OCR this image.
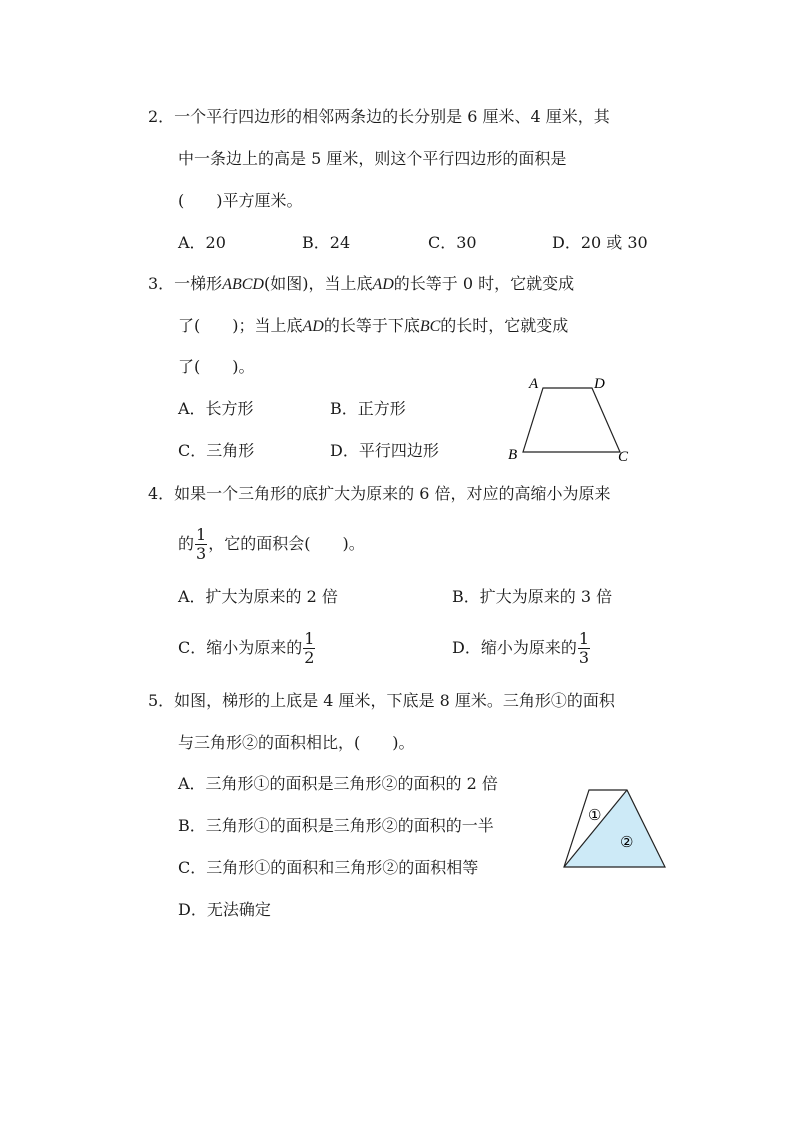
2．一个平行四边形的相邻两条边的长分别是 6 厘米、4 厘米，其
中一条边上的高是 5 厘米，则这个平行四边形的面积是
(　　)平方厘米。
A．20	B．24	C．30	D．20 或 30
3．一梯形ABCD(如图)，当上底AD的长等于 0 时，它就变成
了(　　)；当上底AD的长等于下底BC的长时，它就变成
了(　　)。
A．长方形	B．正方形
C．三角形	D．平行四边形
A	D
B	C
4．如果一个三角形的底扩大为原来的 6 倍，对应的高缩小为原来
的 $\frac{1}{3}$ ，它的面积会(　　)。
A．扩大为原来的 2 倍	B．扩大为原来的 3 倍
C．缩小为原来的 $\frac{1}{2}$	D．缩小为原来的 $\frac{1}{3}$
5．如图，梯形的上底是 4 厘米，下底是 8 厘米。三角形①的面积
与三角形②的面积相比，(　　)。
A．三角形①的面积是三角形②的面积的 2 倍
B．三角形①的面积是三角形②的面积的一半
C．三角形①的面积和三角形②的面积相等
D．无法确定
①
②
